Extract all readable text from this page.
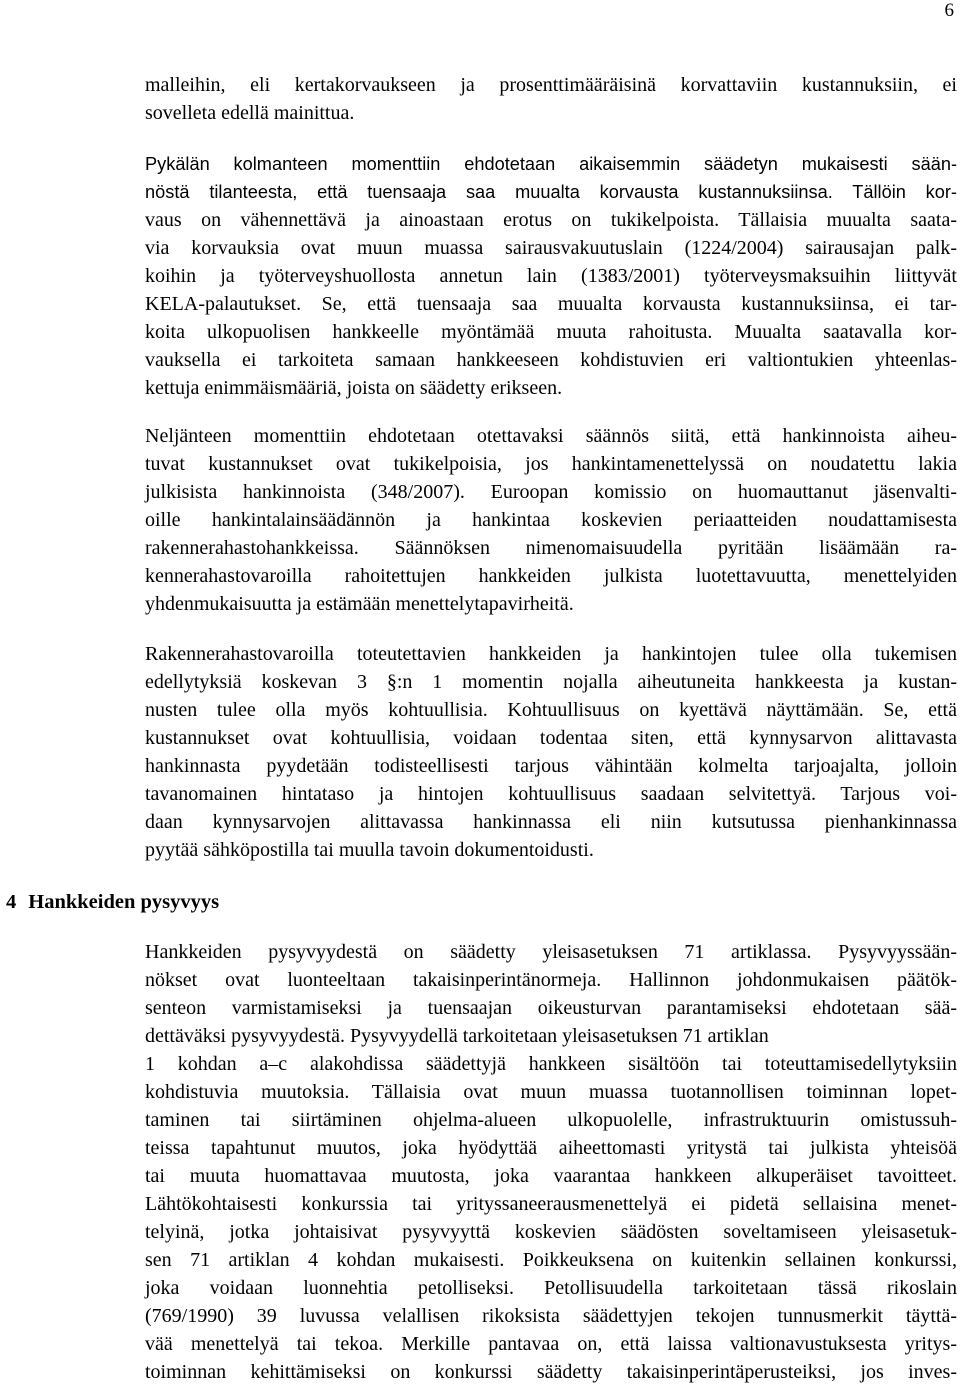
6
malleihin, eli kertakorvaukseen ja prosenttimääräisinä korvattaviin kustannuksiin, ei
sovelleta edellä mainittua.
Pykälän kolmanteen momenttiin ehdotetaan aikaisemmin säädetyn mukaisesti sään-
nöstä tilanteesta, että tuensaaja saa muualta korvausta kustannuksiinsa. Tällöin kor-
vaus on vähennettävä ja ainoastaan erotus on tukikelpoista. Tällaisia muualta saata-
via korvauksia ovat muun muassa sairausvakuutuslain (1224/2004) sairausajan palk-
koihin ja työterveyshuollosta annetun lain (1383/2001) työterveysmaksuihin liittyvät
KELA-palautukset. Se, että tuensaaja saa muualta korvausta kustannuksiinsa, ei tar-
koita ulkopuolisen hankkeelle myöntämää muuta rahoitusta. Muualta saatavalla kor-
vauksella ei tarkoiteta samaan hankkeeseen kohdistuvien eri valtiontukien yhteenlas-
kettuja enimmäismääriä, joista on säädetty erikseen.
Neljänteen momenttiin ehdotetaan otettavaksi säännös siitä, että hankinnoista aiheu-
tuvat kustannukset ovat tukikelpoisia, jos hankintamenettelyssä on noudatettu lakia
julkisista hankinnoista (348/2007). Euroopan komissio on huomauttanut jäsenvalti-
oille hankintalainsäädännön ja hankintaa koskevien periaatteiden noudattamisesta
rakennerahastohankkeissa. Säännöksen nimenomaisuudella pyritään lisäämään ra-
kennerahastovaroilla rahoitettujen hankkeiden julkista luotettavuutta, menettelyiden
yhdenmukaisuutta ja estämään menettelytapavirheitä.
Rakennerahastovaroilla toteutettavien hankkeiden ja hankintojen tulee olla tukemisen
edellytyksiä koskevan 3 §:n 1 momentin nojalla aiheutuneita hankkeesta ja kustan-
nusten tulee olla myös kohtuullisia. Kohtuullisuus on kyettävä näyttämään. Se, että
kustannukset ovat kohtuullisia, voidaan todentaa siten, että kynnysarvon alittavasta
hankinnasta pyydetään todisteellisesti tarjous vähintään kolmelta tarjoajalta, jolloin
tavanomainen hintataso ja hintojen kohtuullisuus saadaan selvitettyä. Tarjous voi-
daan kynnysarvojen alittavassa hankinnassa eli niin kutsutussa pienhankinnassa
pyytää sähköpostilla tai muulla tavoin dokumentoidusti.
4 Hankkeiden pysyvyys
Hankkeiden pysyvyydestä on säädetty yleisasetuksen 71 artiklassa. Pysyvyyssään-
nökset ovat luonteeltaan takaisinperintänormeja. Hallinnon johdonmukaisen päätök-
senteon varmistamiseksi ja tuensaajan oikeusturvan parantamiseksi ehdotetaan sää-
dettäväksi pysyvyydestä. Pysyvyydellä tarkoitetaan yleisasetuksen 71 artiklan
1 kohdan a–c alakohdissa säädettyjä hankkeen sisältöön tai toteuttamisedellytyksiin
kohdistuvia muutoksia. Tällaisia ovat muun muassa tuotannollisen toiminnan lopet-
taminen tai siirtäminen ohjelma-alueen ulkopuolelle, infrastruktuurin omistussuh-
teissa tapahtunut muutos, joka hyödyttää aiheettomasti yritystä tai julkista yhteisöä
tai muuta huomattavaa muutosta, joka vaarantaa hankkeen alkuperäiset tavoitteet.
Lähtökohtaisesti konkurssia tai yrityssaneerausmenettelyä ei pidetä sellaisina menet-
telyinä, jotka johtaisivat pysyvyyttä koskevien säädösten soveltamiseen yleisasetuk-
sen 71 artiklan 4 kohdan mukaisesti. Poikkeuksena on kuitenkin sellainen konkurssi,
joka voidaan luonnehtia petolliseksi. Petollisuudella tarkoitetaan tässä rikoslain
(769/1990) 39 luvussa velallisen rikoksista säädettyjen tekojen tunnusmerkit täyttä-
vää menettelyä tai tekoa. Merkille pantavaa on, että laissa valtionavustuksesta yritys-
toiminnan kehittämiseksi on konkurssi säädetty takaisinperintäperusteiksi, jos inves-
